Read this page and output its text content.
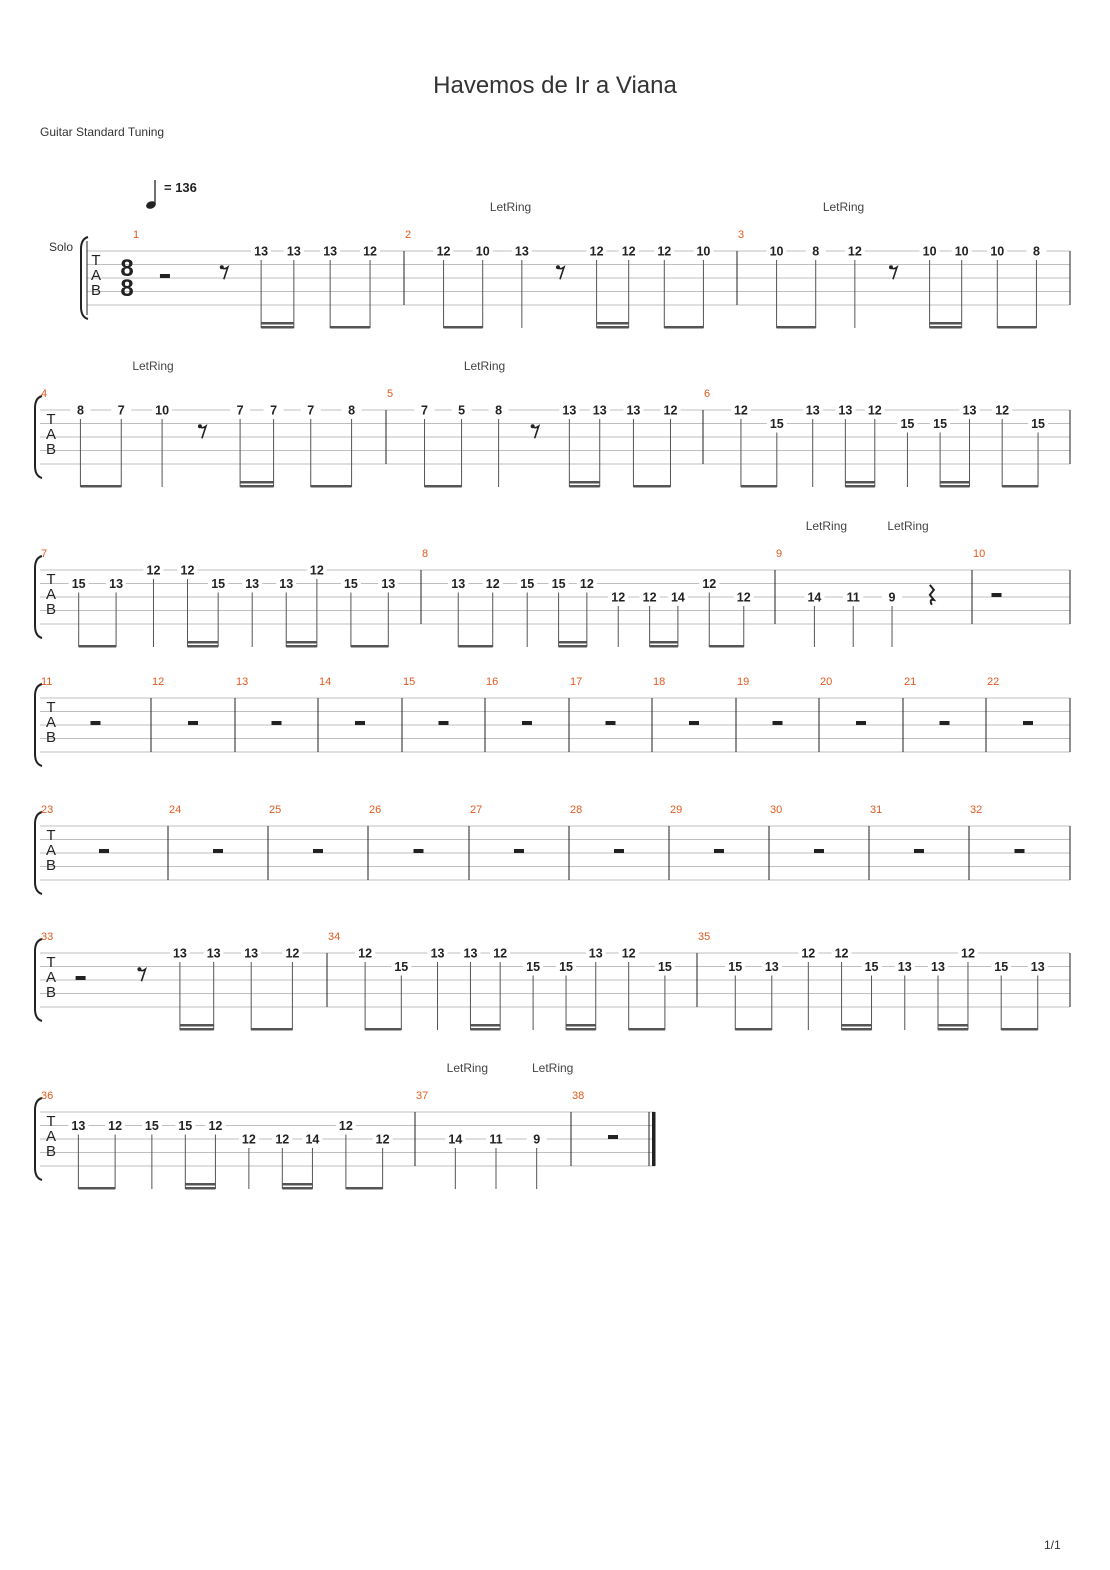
Havemos de Ir a Viana
Guitar Standard Tuning
= 136
Solo
T
A
B
8
8
1
13 13 13 12
2
12 10 13	12 12 12 10
LetRing
3
10 8 12	10 10 10 8
LetRing
T
A
B
4
8	7 10	7 7 7	8
LetRing
5
7 5 8	13 13 13 12
LetRing
6
12
15
13 13 12
15 15
13 12
15
T
A
B
7
15 13
12 12
15 13 13
12
15 13
8
13 12 15 15 12
12 12 14
12
12
9
14 11 9
LetRing	LetRing
10
T
A
B
11	12	13	14	15	16	17	18	19	20	21	22
T
A
B
23	24	25	26	27	28	29	30	31	32
T
A
B
33
13 13 13 12
34
12
15
13 13 12
15 15
13 12
15
35
15 13
12 12
15 13 13
12
15 13
T
A
B
36
13 12 15 15 12
12 12 14
12
12
37
14 11 9
LetRing	LetRing
38
1/1
